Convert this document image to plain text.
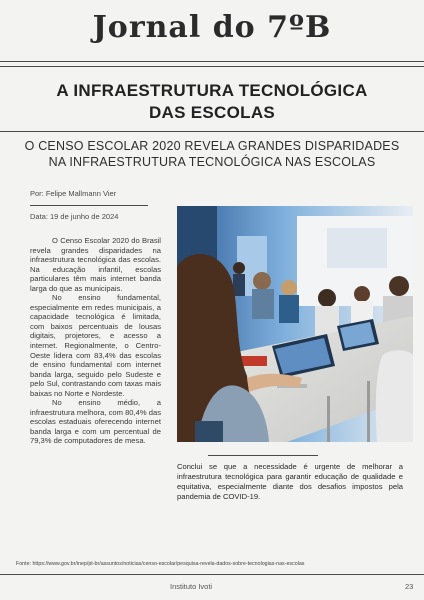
Jornal do 7ºB
A INFRAESTRUTURA TECNOLÓGICA
DAS ESCOLAS
O CENSO ESCOLAR 2020 REVELA GRANDES DISPARIDADES
NA INFRAESTRUTURA TECNOLÓGICA NAS ESCOLAS
Por: Felipe Mallmann Vier
Data: 19 de junho de 2024

O Censo Escolar 2020 do Brasil revela grandes disparidades na infraestrutura tecnológica das escolas. Na educação infantil, escolas particulares têm mais internet banda larga do que as municipais.

No ensino fundamental, especialmente em redes municipais, a capacidade tecnológica é limitada, com baixos percentuais de lousas digitais, projetores, e acesso a internet. Regionalmente, o Centro-Oeste lidera com 83,4% das escolas de ensino fundamental com internet banda larga, seguido pelo Sudeste e pelo Sul, contrastando com taxas mais baixas no Norte e Nordeste.

No ensino médio, a infraestrutura melhora, com 80,4% das escolas estaduais oferecendo internet banda larga e com um percentual de 79,3% de computadores de mesa.

Conclui se que a necessidade é urgente de melhorar a infraestrutura tecnológica para garantir educação de qualidade e equitativa, especialmente diante dos desafios impostos pela pandemia de COVID-19.
Fonte: https://www.gov.br/inep/pt-br/assuntos/noticias/censo-escolar/pesquisa-revela-dados-sobre-tecnologias-nas-escolas
Instituto Ivoti	23
